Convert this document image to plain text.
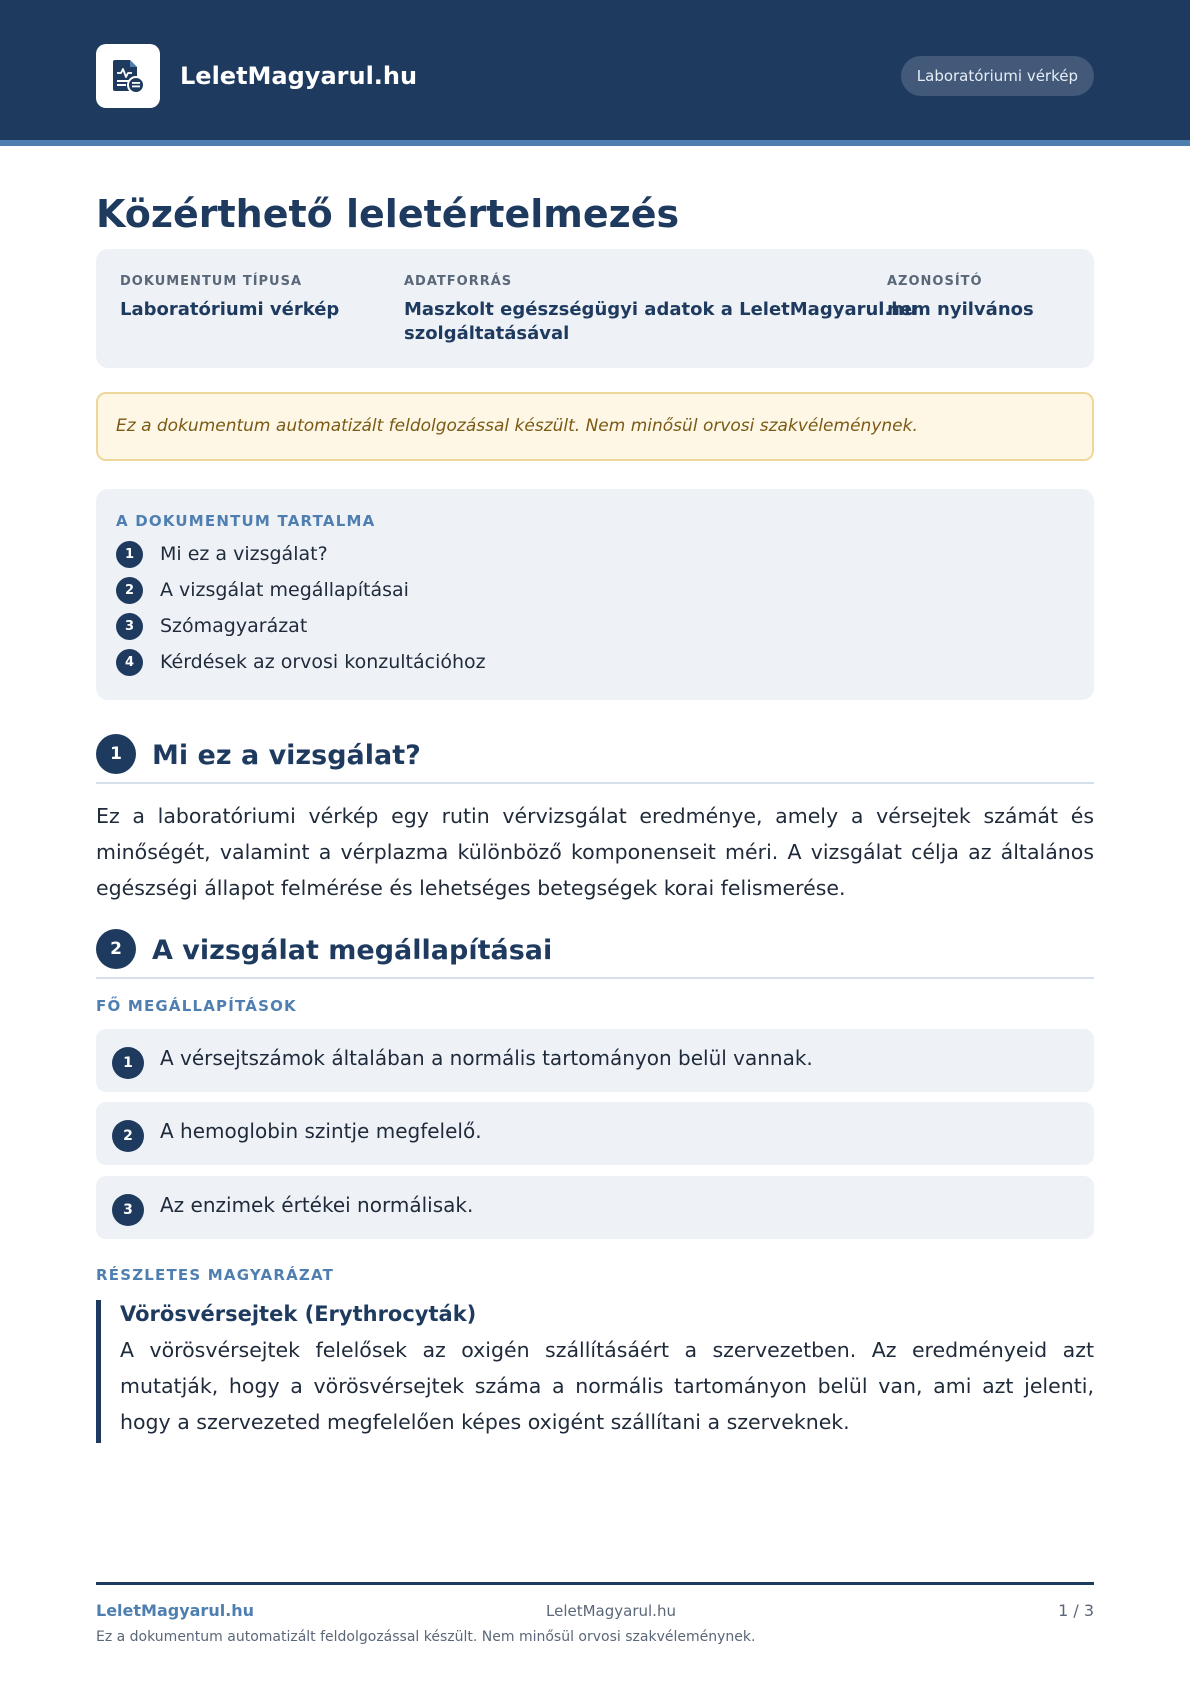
LeletMagyarul.hu	Laboratóriumi vérkép
Közérthető leletértelmezés
DOKUMENTUM TÍPUSA
Laboratóriumi vérkép
ADATFORRÁS
Maszkolt egészségügyi adatok a LeletMagyarul.hu
szolgáltatásával
AZONOSÍTÓ
nem nyilvános
Ez a dokumentum automatizált feldolgozással készült. Nem minősül orvosi szakvéleménynek.
A DOKUMENTUM TARTALMA
1	Mi ez a vizsgálat?
2	A vizsgálat megállapításai
3	Szómagyarázat
4	Kérdések az orvosi konzultációhoz
1	Mi ez a vizsgálat?

Ez a laboratóriumi vérkép egy rutin vérvizsgálat eredménye, amely a vérsejtek számát és minőségét, valamint a vérplazma különböző komponenseit méri. A vizsgálat célja az általános egészségi állapot felmérése és lehetséges betegségek korai felismerése.

2	A vizsgálat megállapításai
FŐ MEGÁLLAPÍTÁSOK
1	A vérsejtszámok általában a normális tartományon belül vannak.
2	A hemoglobin szintje megfelelő.
3	Az enzimek értékei normálisak.
RÉSZLETES MAGYARÁZAT
Vörösvérsejtek (Erythrocyták)

A vörösvérsejtek felelősek az oxigén szállításáért a szervezetben. Az eredményeid azt mutatják, hogy a vörösvérsejtek száma a normális tartományon belül van, ami azt jelenti, hogy a szervezeted megfelelően képes oxigént szállítani a szerveknek.

LeletMagyarul.hu	LeletMagyarul.hu	1 / 3
Ez a dokumentum automatizált feldolgozással készült. Nem minősül orvosi szakvéleménynek.
